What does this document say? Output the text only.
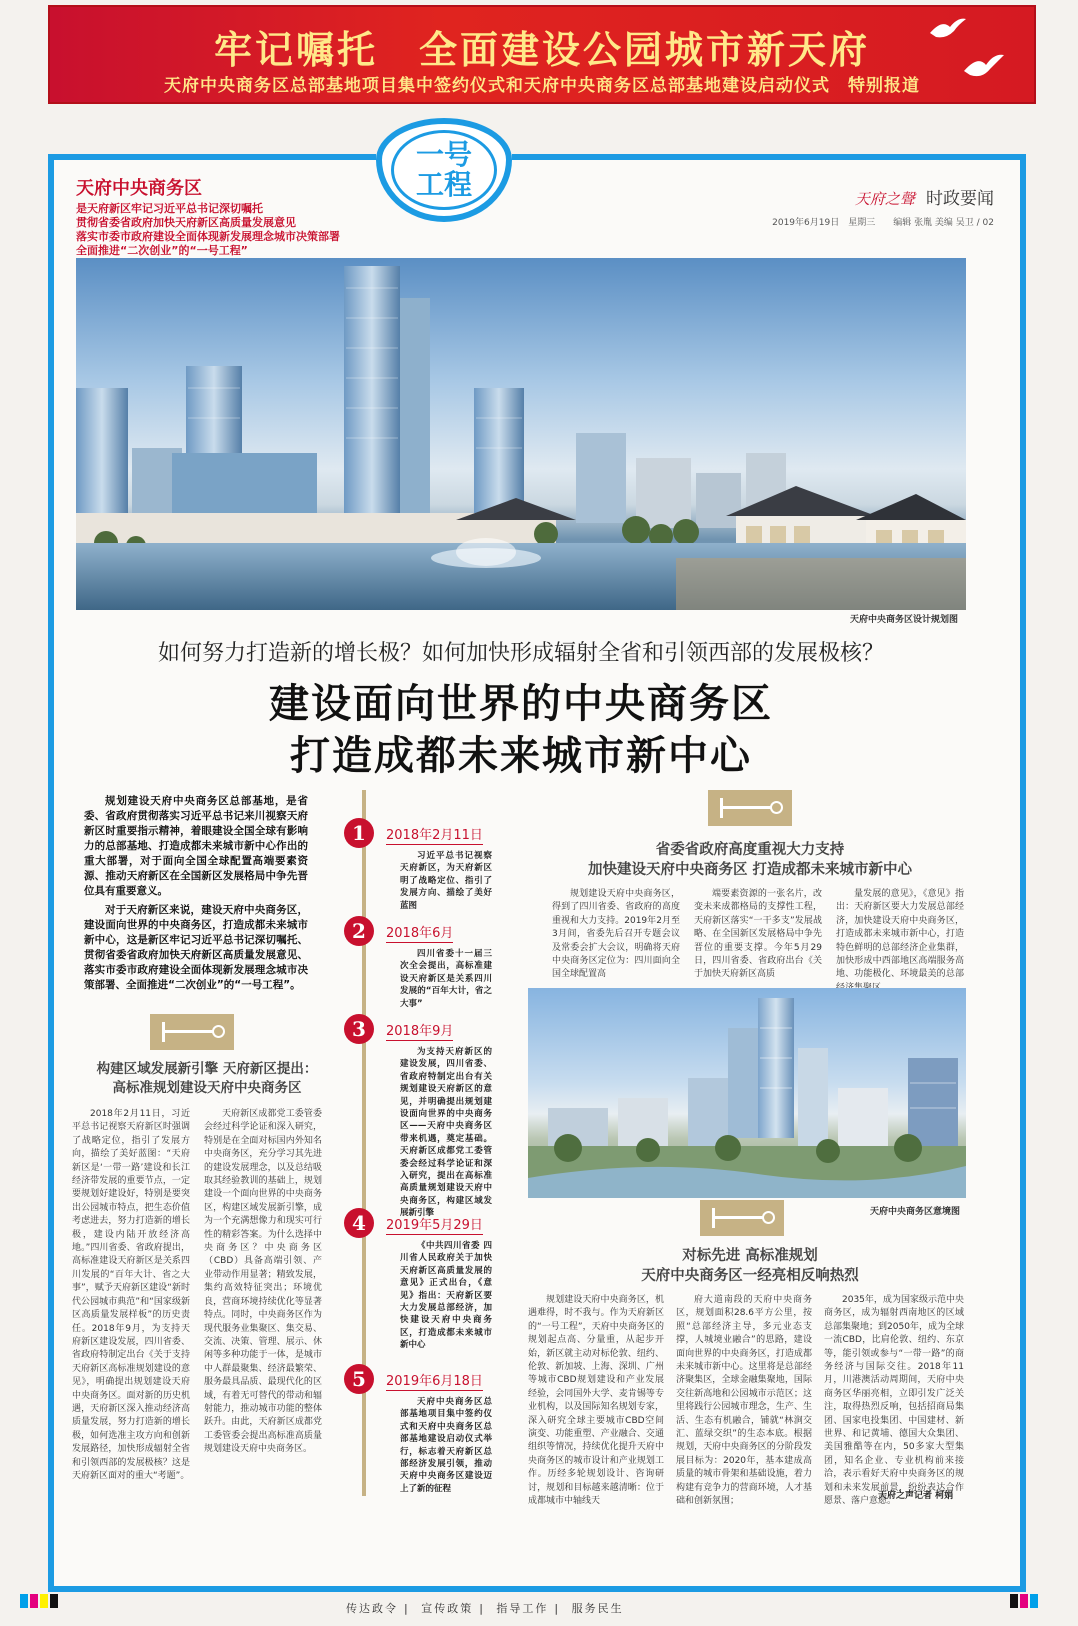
牢记嘱托　全面建设公园城市新天府
天府中央商务区总部基地项目集中签约仪式和天府中央商务区总部基地建设启动仪式　特别报道
一号
工程
天府中央商务区
是天府新区牢记习近平总书记深切嘱托
贯彻省委省政府加快天府新区高质量发展意见
落实市委市政府建设全面体现新发展理念城市决策部署
全面推进“二次创业”的“一号工程”
天府之聲 时政要闻
2019年6月19日　星期三　　编辑 张胤 美编 吴卫 / 02
天府中央商务区设计规划图
如何努力打造新的增长极？如何加快形成辐射全省和引领西部的发展极核？
建设面向世界的中央商务区
打造成都未来城市新中心

规划建设天府中央商务区总部基地，是省委、省政府贯彻落实习近平总书记来川视察天府新区时重要指示精神，着眼建设全国全球有影响力的总部基地、打造成都未来城市新中心作出的重大部署，对于面向全国全球配置高端要素资源、推动天府新区在全国新区发展格局中争先晋位具有重要意义。

对于天府新区来说，建设天府中央商务区，建设面向世界的中央商务区，打造成都未来城市新中心，这是新区牢记习近平总书记深切嘱托、贯彻省委省政府加快天府新区高质量发展意见、落实市委市政府建设全面体现新发展理念城市决策部署、全面推进“二次创业”的“一号工程”。

构建区域发展新引擎 天府新区提出：
高标准规划建设天府中央商务区

2018年2月11日，习近平总书记视察天府新区时强调了战略定位，指引了发展方向，描绘了美好蓝图：“天府新区是‘一带一路’建设和长江经济带发展的重要节点，一定要规划好建设好，特别是要突出公园城市特点，把生态价值考虑进去，努力打造新的增长极，建设内陆开放经济高地。”四川省委、省政府提出，高标准建设天府新区是关系四川发展的“百年大计、省之大事”，赋予天府新区建设“新时代公园城市典范”和“国家级新区高质量发展样板”的历史责任。2018年9月，为支持天府新区建设发展，四川省委、省政府特制定出台《关于支持天府新区高标准规划建设的意见》，明确提出规划建设天府中央商务区。面对新的历史机遇，天府新区深入推动经济高质量发展，努力打造新的增长极，如何选准主攻方向和创新发展路径，加快形成辐射全省和引领西部的发展极核？这是天府新区面对的重大“考题”。

天府新区成都党工委管委会经过科学论证和深入研究，特别是在全面对标国内外知名中央商务区，充分学习其先进的建设发展理念，以及总结吸取其经验教训的基础上，规划建设一个面向世界的中央商务区，构建区域发展新引擎，成为一个充满想像力和现实可行性的精彩答案。为什么选择中央商务区？中央商务区（CBD）具备高端引领、产业带动作用显著；精致发展，集约高效特征突出；环境优良，营商环境持续优化等显著特点。同时，中央商务区作为现代服务业集聚区、集交易、交流、决策、管理、展示、休闲等多种功能于一体，是城市中人群最聚集、经济最繁荣、服务最具品质、最现代化的区域，有着无可替代的带动和辐射能力，推动城市功能的整体跃升。由此，天府新区成都党工委管委会提出高标准高质量规划建设天府中央商务区。

1	2018年2月11日

习近平总书记视察天府新区，为天府新区明了战略定位、指引了发展方向、描绘了美好蓝图

2	2018年6月

四川省委十一届三次全会提出，高标准建设天府新区是关系四川发展的“百年大计，省之大事”

3	2018年9月

为支持天府新区的建设发展，四川省委、省政府特制定出台有关规划建设天府新区的意见，并明确提出规划建设面向世界的中央商务区——天府中央商务区带来机遇，奠定基础。天府新区成都党工委管委会经过科学论证和深入研究，提出在高标准高质量规划建设天府中央商务区，构建区域发展新引擎

4	2019年5月29日

《中共四川省委 四川省人民政府关于加快天府新区高质量发展的意见》正式出台，《意见》指出：天府新区要大力发展总部经济，加快建设天府中央商务区，打造成都未来城市新中心

5	2019年6月18日

天府中央商务区总部基地项目集中签约仪式和天府中央商务区总部基地建设启动仪式举行，标志着天府新区总部经济发展引领，推动天府中央商务区建设迈上了新的征程

省委省政府高度重视大力支持
加快建设天府中央商务区 打造成都未来城市新中心

规划建设天府中央商务区，得到了四川省委、省政府的高度重视和大力支持。2019年2月至3月间，省委先后召开专题会议及常委会扩大会议，明确将天府中央商务区定位为：四川面向全国全球配置高

端要素资源的一张名片，改变未来成都格局的支撑性工程，天府新区落实“一干多支”发展战略、在全国新区发展格局中争先晋位的重要支撑。今年5月29日，四川省委、省政府出台《关于加快天府新区高质

量发展的意见》，《意见》指出：天府新区要大力发展总部经济，加快建设天府中央商务区，打造成都未来城市新中心，打造特色鲜明的总部经济企业集群，加快形成中西部地区高端服务高地、功能极化、环境最美的总部

天府中央商务区意境图
对标先进 高标准规划
天府中央商务区一经亮相反响热烈

规划建设天府中央商务区，机遇难得，时不我与。作为天府新区的“一号工程”，天府中央商务区的规划起点高、分量重，从起步开始，新区就主动对标伦敦、纽约、伦敦、新加坡、上海、深圳、广州等城市CBD规划建设和产业发展经验，会同国外大学、麦肯锡等专业机构，以及国际知名规划专家，深入研究全球主要城市CBD空间演变、功能重塑、产业融合、交通组织等情况，持续优化提升天府中央商务区的城市设计和产业规划工作。历经多轮规划设计、咨询研讨，规划和目标越来越清晰：位于成都城市中轴线天

府大道南段的天府中央商务区，规划面积28.6平方公里，按照“总部经济主导，多元业态支撑，人城境业融合”的思路，建设面向世界的中央商务区，打造成都未来城市新中心。这里将是总部经济聚集区，全球金融集聚地，国际交往新高地和公园城市示范区；这里将践行公园城市理念，生产、生活、生态有机融合，铺就“林涧交汇、蓝绿交织”的生态本底。根据规划，天府中央商务区的分阶段发展目标为：2020年，基本建成高质量的城市骨架和基础设施，着力构建有竞争力的营商环境，人才基础和创新氛围；

2035年，成为国家级示范中央商务区，成为辐射西南地区的区域总部集聚地；到2050年，成为全球一流CBD，比肩伦敦、纽约、东京等，能引领或参与“一带一路”的商务经济与国际交往。2018年11月，川港澳活动周期间，天府中央商务区华丽亮相，立即引发广泛关注，取得热烈反响，包括招商局集团、国家电投集团、中国建材、新世界、和记黄埔、德国大众集团、美国雅酷等在内，50多家大型集团，知名企业、专业机构前来接洽，表示看好天府中央商务区的规划和未来发展前景，纷纷表达合作愿景、落户意愿。

天府之声记者 柯娟
传达政令 | 宣传政策 | 指导工作 | 服务民生
